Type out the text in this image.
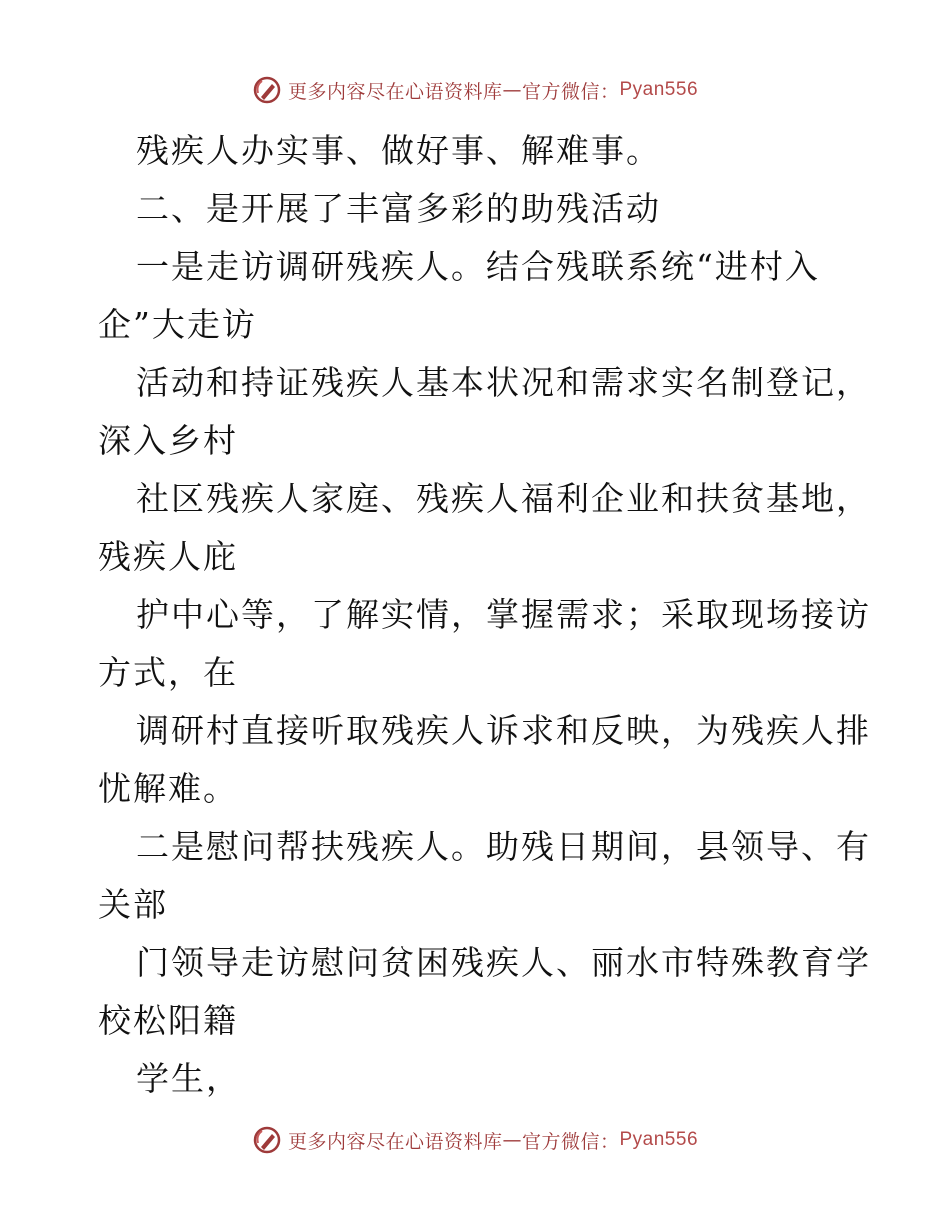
更多内容尽在心语资料库 — 官方微信： Pyan556
残疾人办实事、做好事、解难事。
二、是开展了丰富多彩的助残活动
一是走访调研残疾人。结合残联系统“进村入
企”大走访
活动和持证残疾人基本状况和需求实名制登记，
深入乡村
社区残疾人家庭、残疾人福利企业和扶贫基地，
残疾人庇
护中心等，了解实情，掌握需求；采取现场接访
方式，在
调研村直接听取残疾人诉求和反映，为残疾人排
忧解难。
二是慰问帮扶残疾人。助残日期间，县领导、有
关部
门领导走访慰问贫困残疾人、丽水市特殊教育学
校松阳籍
学生，
更多内容尽在心语资料库 — 官方微信： Pyan556
